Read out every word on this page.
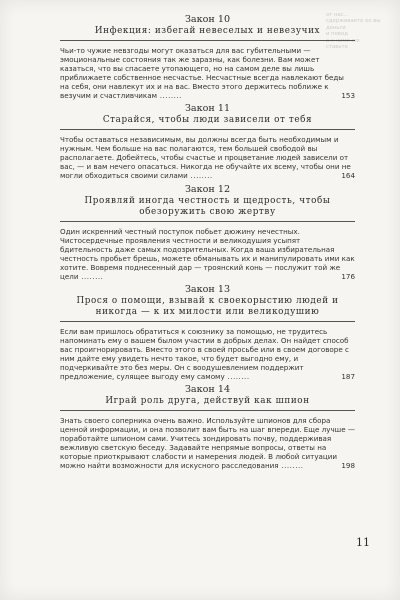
от нас...
сдерживаете ее вы
деньги
и повод
а с ними же
ставьте
Закон 10
Инфекция: избегай невеселых и невезучих
Чьи-то чужие невзгоды могут оказаться для вас губительными — эмоциональные состояния так же заразны, как болезни. Вам может казаться, что вы спасаете утопающего, но на самом деле вы лишь приближаете собственное несчастье. Несчастные всегда навлекают беды на себя, они навлекут их и на вас. Вместо этого держитесь поближе к везучим и счастливчикам ........	153
Закон 11
Старайся, чтобы люди зависели от тебя
Чтобы оставаться независимым, вы должны всегда быть необходимым и нужным. Чем больше на вас полагаются, тем большей свободой вы располагаете. Добейтесь, чтобы счастье и процветание людей зависели от вас, — и вам нечего опасаться. Никогда не обучайте их всему, чтобы они не могли обходиться своими силами ........	164
Закон 12
Проявляй иногда честность и щедрость, чтобы обезоружить свою жертву
Один искренний честный поступок побьет дюжину нечестных. Чистосердечные проявления честности и великодушия усыпят бдительность даже самых подозрительных. Когда ваша избирательная честность пробьет брешь, можете обманывать их и манипулировать ими как хотите. Вовремя поднесенный дар — троянский конь — послужит той же цели ........	176
Закон 13
Прося о помощи, взывай к своекорыстию людей и никогда — к их милости или великодушию
Если вам пришлось обратиться к союзнику за помощью, не трудитесь напоминать ему о вашем былом участии в добрых делах. Он найдет способ вас проигнорировать. Вместо этого в своей просьбе или в своем договоре с ним дайте ему увидеть нечто такое, что будет выгодно ему, и подчеркивайте это без меры. Он с воодушевлением поддержит предложение, сулящее выгоду ему самому ........	187
Закон 14
Играй роль друга, действуй как шпион
Знать своего соперника очень важно. Используйте шпионов для сбора ценной информации, и она позволит вам быть на шаг впереди. Еще лучше — поработайте шпионом сами. Учитесь зондировать почву, поддерживая вежливую светскую беседу. Задавайте непрямые вопросы, ответы на которые приоткрывают слабости и намерения людей. В любой ситуации можно найти возможности для искусного расследования ........	198
11
